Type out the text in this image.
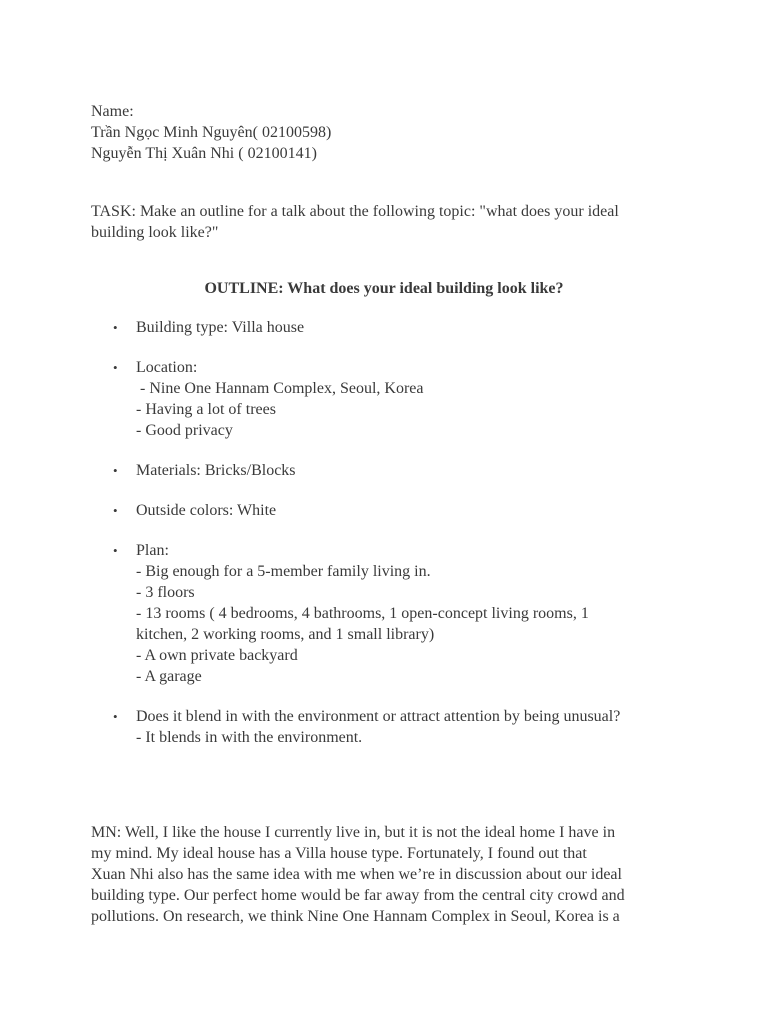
Name:
Trần Ngọc Minh Nguyên( 02100598)
Nguyễn Thị Xuân Nhi ( 02100141)
TASK: Make an outline for a talk about the following topic: "what does your ideal
building look like?"
OUTLINE: What does your ideal building look like?
• Building type: Villa house
• Location:
- Nine One Hannam Complex, Seoul, Korea
- Having a lot of trees
- Good privacy
• Materials: Bricks/Blocks
• Outside colors: White
• Plan:
- Big enough for a 5-member family living in.
- 3 floors
- 13 rooms ( 4 bedrooms, 4 bathrooms, 1 open-concept living rooms, 1
kitchen, 2 working rooms, and 1 small library)
- A own private backyard
- A garage
• Does it blend in with the environment or attract attention by being unusual?
- It blends in with the environment.
MN: Well, I like the house I currently live in, but it is not the ideal home I have in
my mind. My ideal house has a Villa house type. Fortunately, I found out that
Xuan Nhi also has the same idea with me when we’re in discussion about our ideal
building type. Our perfect home would be far away from the central city crowd and
pollutions. On research, we think Nine One Hannam Complex in Seoul, Korea is a
